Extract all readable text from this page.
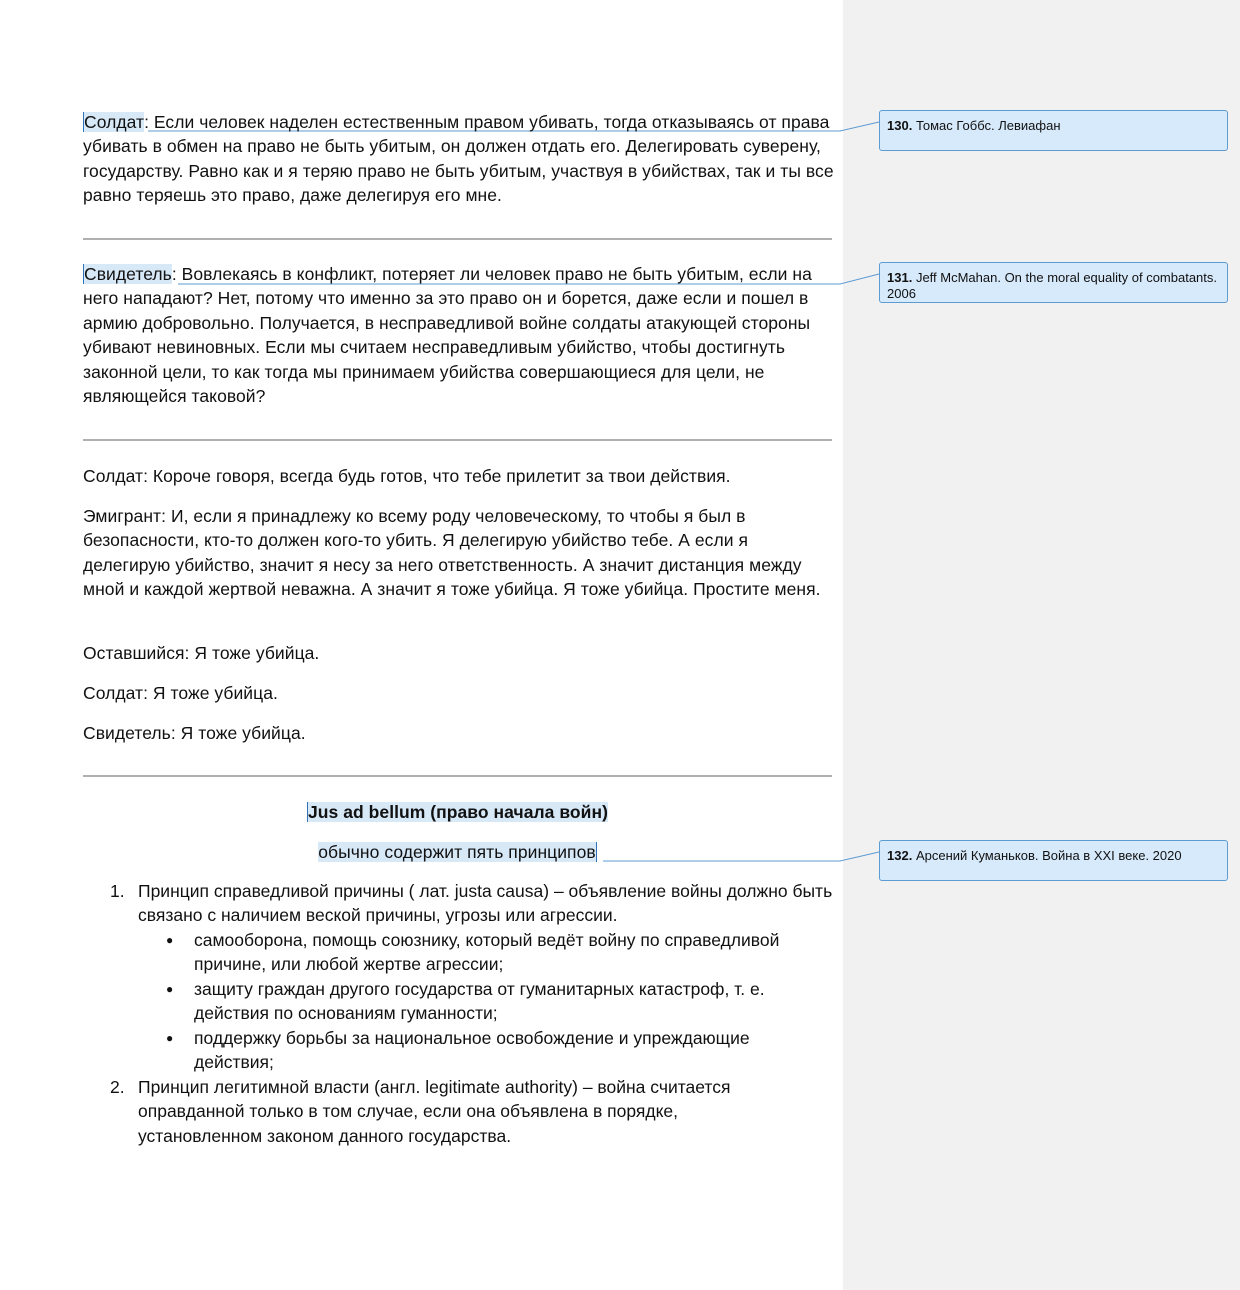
Солдат: Если человек наделен естественным правом убивать, тогда отказываясь от права убивать в обмен на право не быть убитым, он должен отдать его. Делегировать суверену, государству. Равно как и я теряю право не быть убитым, участвуя в убийствах, так и ты все равно теряешь это право, даже делегируя его мне.

Свидетель: Вовлекаясь в конфликт, потеряет ли человек право не быть убитым, если на него нападают? Нет, потому что именно за это право он и борется, даже если и пошел в армию добровольно. Получается, в несправедливой войне солдаты атакующей стороны убивают невиновных. Если мы считаем несправедливым убийство, чтобы достигнуть законной цели, то как тогда мы принимаем убийства совершающиеся для цели, не являющейся таковой?

Солдат: Короче говоря, всегда будь готов, что тебе прилетит за твои действия.

Эмигрант: И, если я принадлежу ко всему роду человеческому, то чтобы я был в безопасности, кто-то должен кого-то убить. Я делегирую убийство тебе. А если я делегирую убийство, значит я несу за него ответственность. А значит дистанция между мной и каждой жертвой неважна. А значит я тоже убийца. Я тоже убийца. Простите меня.

Оставшийся: Я тоже убийца.

Солдат: Я тоже убийца.

Свидетель: Я тоже убийца.

Jus ad bellum (право начала войн)

обычно содержит пять принципов

1. Принцип справедливой причины ( лат. justa causa) – объявление войны должно быть связано с наличием веской причины, угрозы или агрессии.

● самооборона, помощь союзнику, который ведёт войну по справедливой причине, или любой жертве агрессии;

● защиту граждан другого государства от гуманитарных катастроф, т. е. действия по основаниям гуманности;

● поддержку борьбы за национальное освобождение и упреждающие действия;

2. Принцип легитимной власти (англ. legitimate authority) – война считается оправданной только в том случае, если она объявлена в порядке, установленном законом данного государства.

130. Томас Гоббс. Левиафан
131. Jeff McMahan. On the moral equality of combatants. 2006
132. Арсений Куманьков. Война в XXI веке. 2020
